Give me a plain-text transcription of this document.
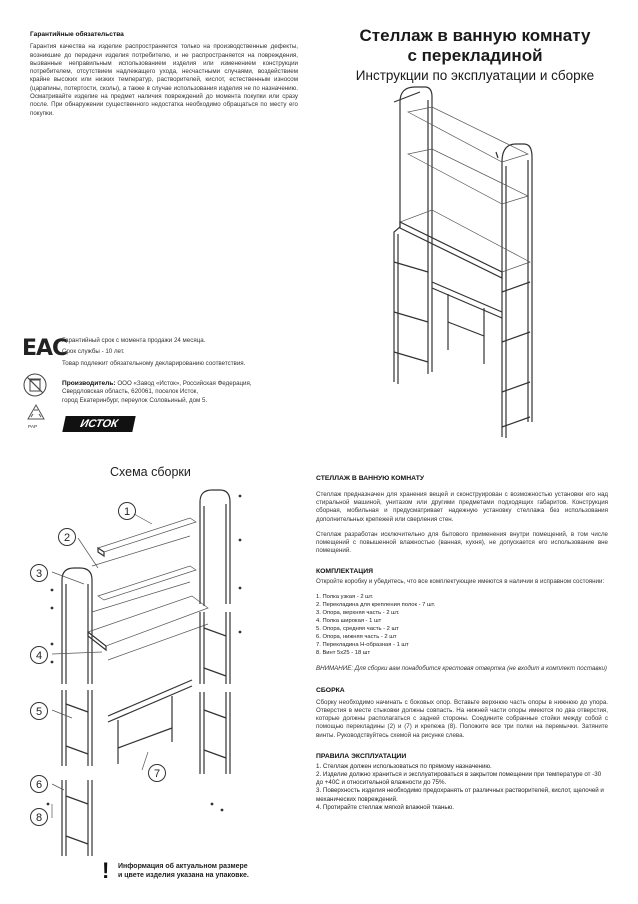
Гарантийные обязательства
Гарантия качества на изделие распространяется только на производственные дефекты, возникшие до передачи изделия потребителю, и не распространяется на повреждения, вызванные неправильным использованием изделия или изменением конструкции потребителем, отсутствием надлежащего ухода, несчастными случаями, воздействием крайне высоких или низких температур, растворителей, кислот, естественным износом (царапины, потертости, сколы), а также в случае использования изделия не по назначению. Осматривайте изделие на предмет наличия повреждений до момента покупки или сразу после. При обнаружении существенного недостатка необходимо обращаться по месту его покупки.
Стеллаж в ванную комнату
с перекладиной
Инструкции по эксплуатации и сборке
ЕАС
Гарантийный срок с момента продажи 24 месяца.
Срок службы - 10 лет.
Товар подлежит обязательному декларированию соответствия.
PAP
Производитель: ООО «Завод «Исток», Российская Федерация,
Свердловская область, 620061, поселок Исток,
город Екатеринбург, переулок Соловьиный, дом 5.
ИСТОК
Схема сборки
1
2
3
4
5
6
7
8
! Информация об актуальном размере
и цвете изделия указана на упаковке.
СТЕЛЛАЖ В ВАННУЮ КОМНАТУ
Стеллаж предназначен для хранения вещей и сконструирован с возможностью установки его над стиральной машиной, унитазом или другими предметами подходящих габаритов. Конструкция сборная, мобильная и предусматривает надежную установку стеллажа без использования дополнительных крепежей или сверления стен.
Стеллаж разработан исключительно для бытового применения внутри помещений, в том числе помещений с повышенной влажностью (ванная, кухня), не допускается его использование вне помещений.
КОМПЛЕКТАЦИЯ
Откройте коробку и убедитесь, что все комплектующие имеются в наличии в исправном состоянии:
1. Полка узкая - 2 шт.
2. Перекладина для крепления полок - 7 шт.
3. Опора, верхняя часть - 2 шт.
4. Полка широкая - 1 шт
5. Опора, средняя часть - 2 шт
6. Опора, нижняя часть - 2 шт
7. Перекладина Н-образная - 1 шт
8. Винт 5х25 - 18 шт
ВНИМАНИЕ: Для сборки вам понадобится крестовая отвертка (не входит в комплект поставки)
СБОРКА
Сборку необходимо начинать с боковых опор. Вставьте верхнюю часть опоры в нижнюю до упора. Отверстия в месте стыковки должны совпасть. На нижней части опоры имеются по два отверстия, которые должны располагаться с задней стороны. Соедините собранные стойки между собой с помощью перекладины (2) и (7) и крепежа (8). Положите все три полки на перемычки. Затяните винты. Руководствуйтесь схемой на рисунке слева.
ПРАВИЛА ЭКСПЛУАТАЦИИ
1. Стеллаж должен использоваться по прямому назначению.
2. Изделие должно храниться и эксплуатироваться в закрытом помещении при температуре от -30 до +40С и относительной влажности до 75%.
3. Поверхность изделия необходимо предохранять от различных растворителей, кислот, щелочей и механических повреждений.
4. Протирайте стеллаж мягкой влажной тканью.
